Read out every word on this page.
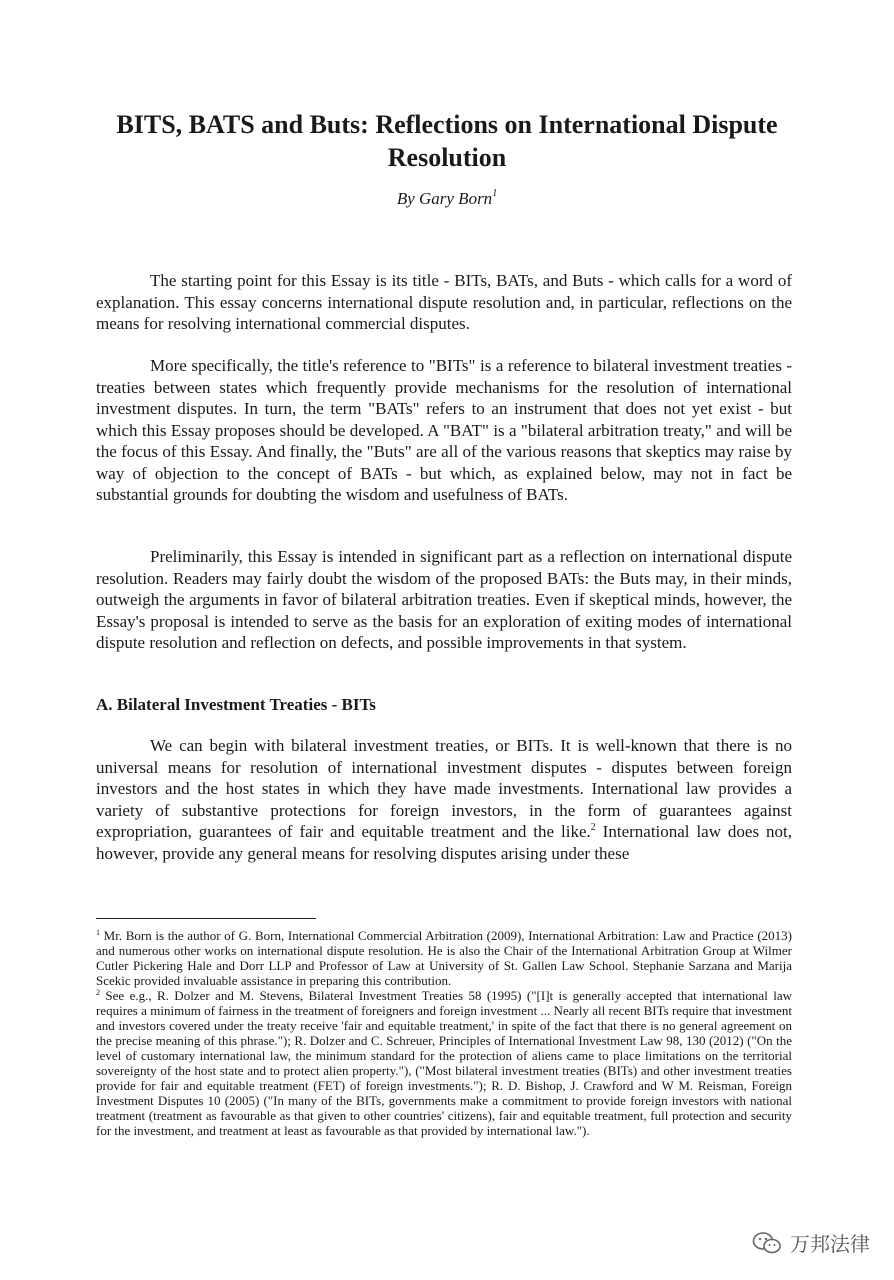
BITS, BATS and Buts: Reflections on International Dispute Resolution
By Gary Born$^1$

The starting point for this Essay is its title - BITs, BATs, and Buts - which calls for a word of explanation. This essay concerns international dispute resolution and, in particular, reflections on the means for resolving international commercial disputes.

More specifically, the title's reference to "BITs" is a reference to bilateral investment treaties - treaties between states which frequently provide mechanisms for the resolution of international investment disputes. In turn, the term "BATs" refers to an instrument that does not yet exist - but which this Essay proposes should be developed. A "BAT" is a "bilateral arbitration treaty," and will be the focus of this Essay. And finally, the "Buts" are all of the various reasons that skeptics may raise by way of objection to the concept of BATs - but which, as explained below, may not in fact be substantial grounds for doubting the wisdom and usefulness of BATs.

Preliminarily, this Essay is intended in significant part as a reflection on international dispute resolution. Readers may fairly doubt the wisdom of the proposed BATs: the Buts may, in their minds, outweigh the arguments in favor of bilateral arbitration treaties. Even if skeptical minds, however, the Essay's proposal is intended to serve as the basis for an exploration of exiting modes of international dispute resolution and reflection on defects, and possible improvements in that system.

A. Bilateral Investment Treaties - BITs

We can begin with bilateral investment treaties, or BITs. It is well-known that there is no universal means for resolution of international investment disputes - disputes between foreign investors and the host states in which they have made investments. International law provides a variety of substantive protections for foreign investors, in the form of guarantees against expropriation, guarantees of fair and equitable treatment and the like.$^2$ International law does not, however, provide any general means for resolving disputes arising under these

$^1$ Mr. Born is the author of G. Born, International Commercial Arbitration (2009), International Arbitration: Law and Practice (2013) and numerous other works on international dispute resolution. He is also the Chair of the International Arbitration Group at Wilmer Cutler Pickering Hale and Dorr LLP and Professor of Law at University of St. Gallen Law School. Stephanie Sarzana and Marija Scekic provided invaluable assistance in preparing this contribution.

$^2$ See e.g., R. Dolzer and M. Stevens, Bilateral Investment Treaties 58 (1995) ("[I]t is generally accepted that international law requires a minimum of fairness in the treatment of foreigners and foreign investment ... Nearly all recent BITs require that investment and investors covered under the treaty receive 'fair and equitable treatment,' in spite of the fact that there is no general agreement on the precise meaning of this phrase."); R. Dolzer and C. Schreuer, Principles of International Investment Law 98, 130 (2012) ("On the level of customary international law, the minimum standard for the protection of aliens came to place limitations on the territorial sovereignty of the host state and to protect alien property."), ("Most bilateral investment treaties (BITs) and other investment treaties provide for fair and equitable treatment (FET) of foreign investments."); R. D. Bishop, J. Crawford and W M. Reisman, Foreign Investment Disputes 10 (2005) ("In many of the BITs, governments make a commitment to provide foreign investors with national treatment (treatment as favourable as that given to other countries' citizens), fair and equitable treatment, full protection and security for the investment, and treatment at least as favourable as that provided by international law.").

万邦法律
